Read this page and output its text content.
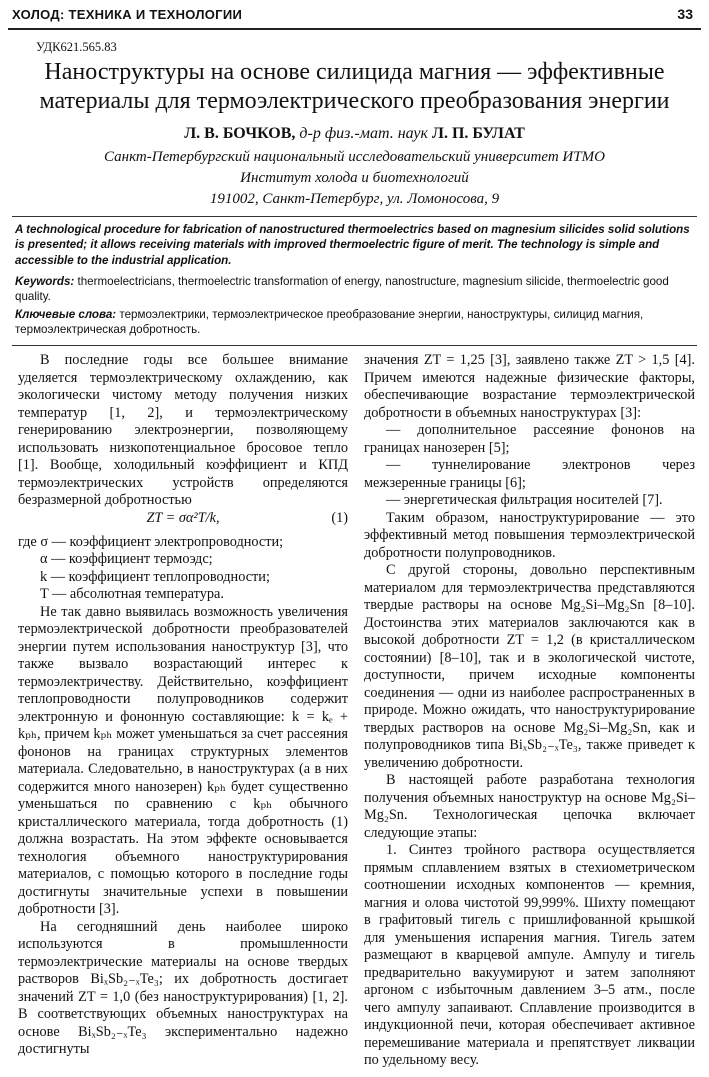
ХОЛОД: ТЕХНИКА И ТЕХНОЛОГИИ	33
УДК621.565.83
Наноструктуры на основе силицида магния — эффективные
материалы для термоэлектрического преобразования энергии
Л. В. БОЧКОВ, д-р физ.-мат. наук Л. П. БУЛАТ
Санкт-Петербургский национальный исследовательский университет ИТМО
Институт холода и биотехнологий
191002, Санкт-Петербург, ул. Ломоносова, 9
A technological procedure for fabrication of nanostructured thermoelectrics based on magnesium silicides solid solutions is presented; it allows receiving materials with improved thermoelectric figure of merit. The technology is simple and accessible to the industrial application.
Keywords: thermoelectricians, thermoelectric transformation of energy, nanostructure, magnesium silicide, thermoelectric good quality.
Ключевые слова: термоэлектрики, термоэлектрическое преобразование энергии, наноструктуры, силицид магния, термоэлектрическая добротность.

В последние годы все большее внимание уделяется термоэлектрическому охлаждению, как экологически чистому методу получения низких температур [1, 2], и термоэлектрическому генерированию электроэнергии, позволяющему использовать низкопотенциальное бросовое тепло [1]. Вообще, холодильный коэффициент и КПД термоэлектрических устройств определяются безразмерной добротностью

ZT = σα²T/k,	(1)

где σ — коэффициент электропроводности;

α — коэффициент термоэдс;

k — коэффициент теплопроводности;

T — абсолютная температура.

Не так давно выявилась возможность увеличения термоэлектрической добротности преобразователей энергии путем использования наноструктур [3], что также вызвало возрастающий интерес к термоэлектричеству. Действительно, коэффициент теплопроводности полупроводников содержит электронную и фононную составляющие: k = kₑ + kₚₕ, причем kₚₕ может уменьшаться за счет рассеяния фононов на границах структурных элементов материала. Следовательно, в наноструктурах (а в них содержится много нанозерен) kₚₕ будет существенно уменьшаться по сравнению с kₚₕ обычного кристаллического материала, тогда добротность (1) должна возрастать. На этом эффекте основывается технология объемного наноструктурирования материалов, с помощью которого в последние годы достигнуты значительные успехи в повышении добротности [3].

На сегодняшний день наиболее широко используются в промышленности термоэлектрические материалы на основе твердых растворов BiₓSb₂₋ₓTe₃; их добротность достигает значений ZT = 1,0 (без наноструктурирования) [1, 2]. В соответствующих объемных наноструктурах на основе BiₓSb₂₋ₓTe₃ экспериментально надежно достигнуты

значения ZT = 1,25 [3], заявлено также ZT > 1,5 [4]. Причем имеются надежные физические факторы, обеспечивающие возрастание термоэлектрической добротности в объемных наноструктурах [3]:

— дополнительное рассеяние фононов на границах нанозерен [5];

— туннелирование электронов через межзеренные границы [6];

— энергетическая фильтрация носителей [7].

Таким образом, наноструктурирование — это эффективный метод повышения термоэлектрической добротности полупроводников.

С другой стороны, довольно перспективным материалом для термоэлектричества представляются твердые растворы на основе Mg₂Si–Mg₂Sn [8–10]. Достоинства этих материалов заключаются как в высокой добротности ZT = 1,2 (в кристаллическом состоянии) [8–10], так и в экологической чистоте, доступности, причем исходные компоненты соединения — одни из наиболее распространенных в природе. Можно ожидать, что наноструктурирование твердых растворов на основе Mg₂Si–Mg₂Sn, как и полупроводников типа BiₓSb₂₋ₓTe₃, также приведет к увеличению добротности.

В настоящей работе разработана технология получения объемных наноструктур на основе Mg₂Si–Mg₂Sn. Технологическая цепочка включает следующие этапы:

1. Синтез тройного раствора осуществляется прямым сплавлением взятых в стехиометрическом соотношении исходных компонентов — кремния, магния и олова чистотой 99,999%. Шихту помещают в графитовый тигель с пришлифованной крышкой для уменьшения испарения магния. Тигель затем размещают в кварцевой ампуле. Ампулу и тигель предварительно вакуумируют и затем заполняют аргоном с избыточным давлением 3–5 атм., после чего ампулу запаивают. Сплавление производится в индукционной печи, которая обеспечивает активное перемешивание материала и препятствует ликвации по удельному весу.
